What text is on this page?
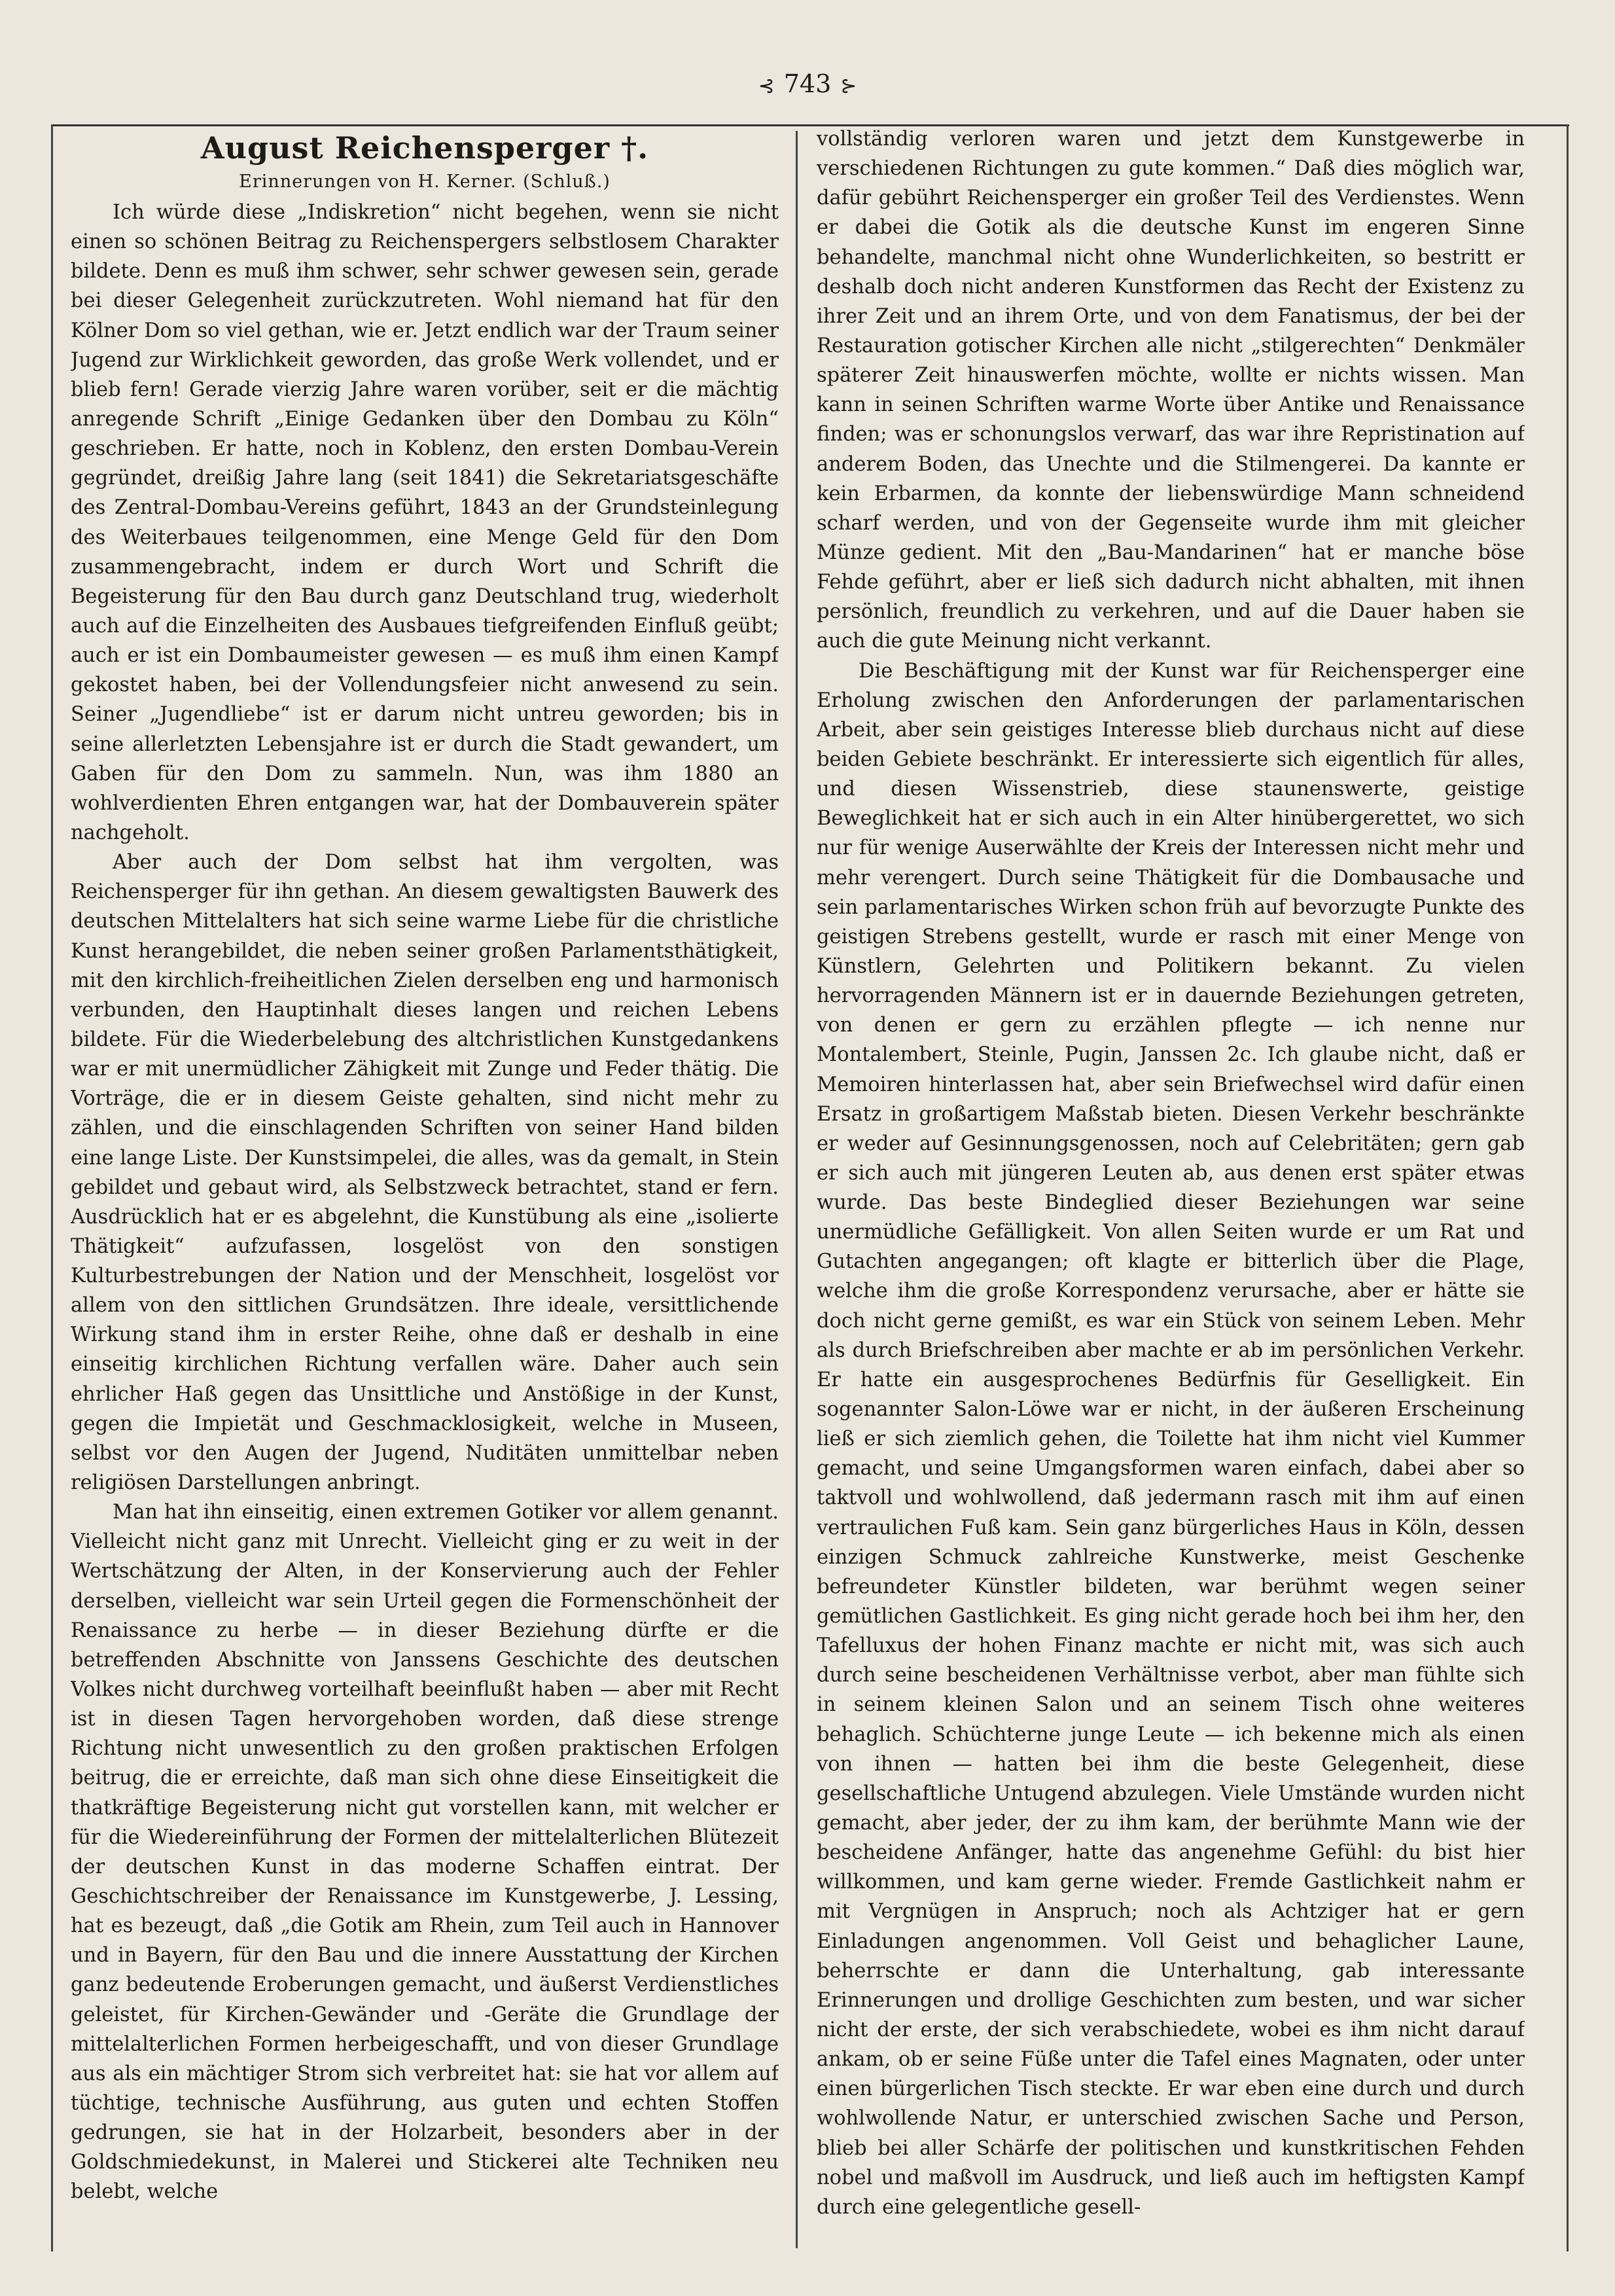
⊰ 743 ⊱
August Reichensperger †.
Erinnerungen von H. Kerner. (Schluß.)

Ich würde diese „Indiskretion“ nicht begehen, wenn sie nicht einen so schönen Beitrag zu Reichenspergers selbstlosem Charakter bildete. Denn es muß ihm schwer, sehr schwer gewesen sein, gerade bei dieser Gelegenheit zurückzutreten. Wohl niemand hat für den Kölner Dom so viel gethan, wie er. Jetzt endlich war der Traum seiner Jugend zur Wirklichkeit geworden, das große Werk vollendet, und er blieb fern! Gerade vierzig Jahre waren vorüber, seit er die mächtig anregende Schrift „Einige Gedanken über den Dombau zu Köln“ geschrieben. Er hatte, noch in Koblenz, den ersten Dombau-Verein gegründet, dreißig Jahre lang (seit 1841) die Sekretariatsgeschäfte des Zentral-Dombau-Vereins geführt, 1843 an der Grundsteinlegung des Weiterbaues teilgenommen, eine Menge Geld für den Dom zusammengebracht, indem er durch Wort und Schrift die Begeisterung für den Bau durch ganz Deutschland trug, wiederholt auch auf die Einzelheiten des Ausbaues tiefgreifenden Einfluß geübt; auch er ist ein Dombaumeister gewesen — es muß ihm einen Kampf gekostet haben, bei der Vollendungsfeier nicht anwesend zu sein. Seiner „Jugendliebe“ ist er darum nicht untreu geworden; bis in seine allerletzten Lebensjahre ist er durch die Stadt gewandert, um Gaben für den Dom zu sammeln. Nun, was ihm 1880 an wohlverdienten Ehren entgangen war, hat der Dombauverein später nachgeholt.

Aber auch der Dom selbst hat ihm vergolten, was Reichensperger für ihn gethan. An diesem gewaltigsten Bauwerk des deutschen Mittelalters hat sich seine warme Liebe für die christliche Kunst herangebildet, die neben seiner großen Parlamentsthätigkeit, mit den kirchlich-freiheitlichen Zielen derselben eng und harmonisch verbunden, den Hauptinhalt dieses langen und reichen Lebens bildete. Für die Wiederbelebung des altchristlichen Kunstgedankens war er mit unermüdlicher Zähigkeit mit Zunge und Feder thätig. Die Vorträge, die er in diesem Geiste gehalten, sind nicht mehr zu zählen, und die einschlagenden Schriften von seiner Hand bilden eine lange Liste. Der Kunstsimpelei, die alles, was da gemalt, in Stein gebildet und gebaut wird, als Selbstzweck betrachtet, stand er fern. Ausdrücklich hat er es abgelehnt, die Kunstübung als eine „isolierte Thätigkeit“ aufzufassen, losgelöst von den sonstigen Kulturbestrebungen der Nation und der Menschheit, losgelöst vor allem von den sittlichen Grundsätzen. Ihre ideale, versittlichende Wirkung stand ihm in erster Reihe, ohne daß er deshalb in eine einseitig kirchlichen Richtung verfallen wäre. Daher auch sein ehrlicher Haß gegen das Unsittliche und Anstößige in der Kunst, gegen die Impietät und Geschmacklosigkeit, welche in Museen, selbst vor den Augen der Jugend, Nuditäten unmittelbar neben religiösen Darstellungen anbringt.

Man hat ihn einseitig, einen extremen Gotiker vor allem genannt. Vielleicht nicht ganz mit Unrecht. Vielleicht ging er zu weit in der Wertschätzung der Alten, in der Konservierung auch der Fehler derselben, vielleicht war sein Urteil gegen die Formenschönheit der Renaissance zu herbe — in dieser Beziehung dürfte er die betreffenden Abschnitte von Janssens Geschichte des deutschen Volkes nicht durchweg vorteilhaft beeinflußt haben — aber mit Recht ist in diesen Tagen hervorgehoben worden, daß diese strenge Richtung nicht unwesentlich zu den großen praktischen Erfolgen beitrug, die er erreichte, daß man sich ohne diese Einseitigkeit die thatkräftige Begeisterung nicht gut vorstellen kann, mit welcher er für die Wiedereinführung der Formen der mittelalterlichen Blütezeit der deutschen Kunst in das moderne Schaffen eintrat. Der Geschichtschreiber der Renaissance im Kunstgewerbe, J. Lessing, hat es bezeugt, daß „die Gotik am Rhein, zum Teil auch in Hannover und in Bayern, für den Bau und die innere Ausstattung der Kirchen ganz bedeutende Eroberungen gemacht, und äußerst Verdienstliches geleistet, für Kirchen-Gewänder und -Geräte die Grundlage der mittelalterlichen Formen herbeigeschafft, und von dieser Grundlage aus als ein mächtiger Strom sich verbreitet hat: sie hat vor allem auf tüchtige, technische Ausführung, aus guten und echten Stoffen gedrungen, sie hat in der Holzarbeit, besonders aber in der Goldschmiedekunst, in Malerei und Stickerei alte Techniken neu belebt, welche

vollständig verloren waren und jetzt dem Kunstgewerbe in verschiedenen Richtungen zu gute kommen.“ Daß dies möglich war, dafür gebührt Reichensperger ein großer Teil des Verdienstes. Wenn er dabei die Gotik als die deutsche Kunst im engeren Sinne behandelte, manchmal nicht ohne Wunderlichkeiten, so bestritt er deshalb doch nicht anderen Kunstformen das Recht der Existenz zu ihrer Zeit und an ihrem Orte, und von dem Fanatismus, der bei der Restauration gotischer Kirchen alle nicht „stilgerechten“ Denkmäler späterer Zeit hinauswerfen möchte, wollte er nichts wissen. Man kann in seinen Schriften warme Worte über Antike und Renaissance finden; was er schonungslos verwarf, das war ihre Repristination auf anderem Boden, das Unechte und die Stilmengerei. Da kannte er kein Erbarmen, da konnte der liebenswürdige Mann schneidend scharf werden, und von der Gegenseite wurde ihm mit gleicher Münze gedient. Mit den „Bau-Mandarinen“ hat er manche böse Fehde geführt, aber er ließ sich dadurch nicht abhalten, mit ihnen persönlich, freundlich zu verkehren, und auf die Dauer haben sie auch die gute Meinung nicht verkannt.

Die Beschäftigung mit der Kunst war für Reichensperger eine Erholung zwischen den Anforderungen der parlamentarischen Arbeit, aber sein geistiges Interesse blieb durchaus nicht auf diese beiden Gebiete beschränkt. Er interessierte sich eigentlich für alles, und diesen Wissenstrieb, diese staunenswerte, geistige Beweglichkeit hat er sich auch in ein Alter hinübergerettet, wo sich nur für wenige Auserwählte der Kreis der Interessen nicht mehr und mehr verengert. Durch seine Thätigkeit für die Dombausache und sein parlamentarisches Wirken schon früh auf bevorzugte Punkte des geistigen Strebens gestellt, wurde er rasch mit einer Menge von Künstlern, Gelehrten und Politikern bekannt. Zu vielen hervorragenden Männern ist er in dauernde Beziehungen getreten, von denen er gern zu erzählen pflegte — ich nenne nur Montalembert, Steinle, Pugin, Janssen 2c. Ich glaube nicht, daß er Memoiren hinterlassen hat, aber sein Briefwechsel wird dafür einen Ersatz in großartigem Maßstab bieten. Diesen Verkehr beschränkte er weder auf Gesinnungsgenossen, noch auf Celebritäten; gern gab er sich auch mit jüngeren Leuten ab, aus denen erst später etwas wurde. Das beste Bindeglied dieser Beziehungen war seine unermüdliche Gefälligkeit. Von allen Seiten wurde er um Rat und Gutachten angegangen; oft klagte er bitterlich über die Plage, welche ihm die große Korrespondenz verursache, aber er hätte sie doch nicht gerne gemißt, es war ein Stück von seinem Leben. Mehr als durch Briefschreiben aber machte er ab im persönlichen Verkehr. Er hatte ein ausgesprochenes Bedürfnis für Geselligkeit. Ein sogenannter Salon-Löwe war er nicht, in der äußeren Erscheinung ließ er sich ziemlich gehen, die Toilette hat ihm nicht viel Kummer gemacht, und seine Umgangsformen waren einfach, dabei aber so taktvoll und wohlwollend, daß jedermann rasch mit ihm auf einen vertraulichen Fuß kam. Sein ganz bürgerliches Haus in Köln, dessen einzigen Schmuck zahlreiche Kunstwerke, meist Geschenke befreundeter Künstler bildeten, war berühmt wegen seiner gemütlichen Gastlichkeit. Es ging nicht gerade hoch bei ihm her, den Tafelluxus der hohen Finanz machte er nicht mit, was sich auch durch seine bescheidenen Verhältnisse verbot, aber man fühlte sich in seinem kleinen Salon und an seinem Tisch ohne weiteres behaglich. Schüchterne junge Leute — ich bekenne mich als einen von ihnen — hatten bei ihm die beste Gelegenheit, diese gesellschaftliche Untugend abzulegen. Viele Umstände wurden nicht gemacht, aber jeder, der zu ihm kam, der berühmte Mann wie der bescheidene Anfänger, hatte das angenehme Gefühl: du bist hier willkommen, und kam gerne wieder. Fremde Gastlichkeit nahm er mit Vergnügen in Anspruch; noch als Achtziger hat er gern Einladungen angenommen. Voll Geist und behaglicher Laune, beherrschte er dann die Unterhaltung, gab interessante Erinnerungen und drollige Geschichten zum besten, und war sicher nicht der erste, der sich verabschiedete, wobei es ihm nicht darauf ankam, ob er seine Füße unter die Tafel eines Magnaten, oder unter einen bürgerlichen Tisch steckte. Er war eben eine durch und durch wohlwollende Natur, er unterschied zwischen Sache und Person, blieb bei aller Schärfe der politischen und kunstkritischen Fehden nobel und maßvoll im Ausdruck, und ließ auch im heftigsten Kampf durch eine gelegentliche gesell-
